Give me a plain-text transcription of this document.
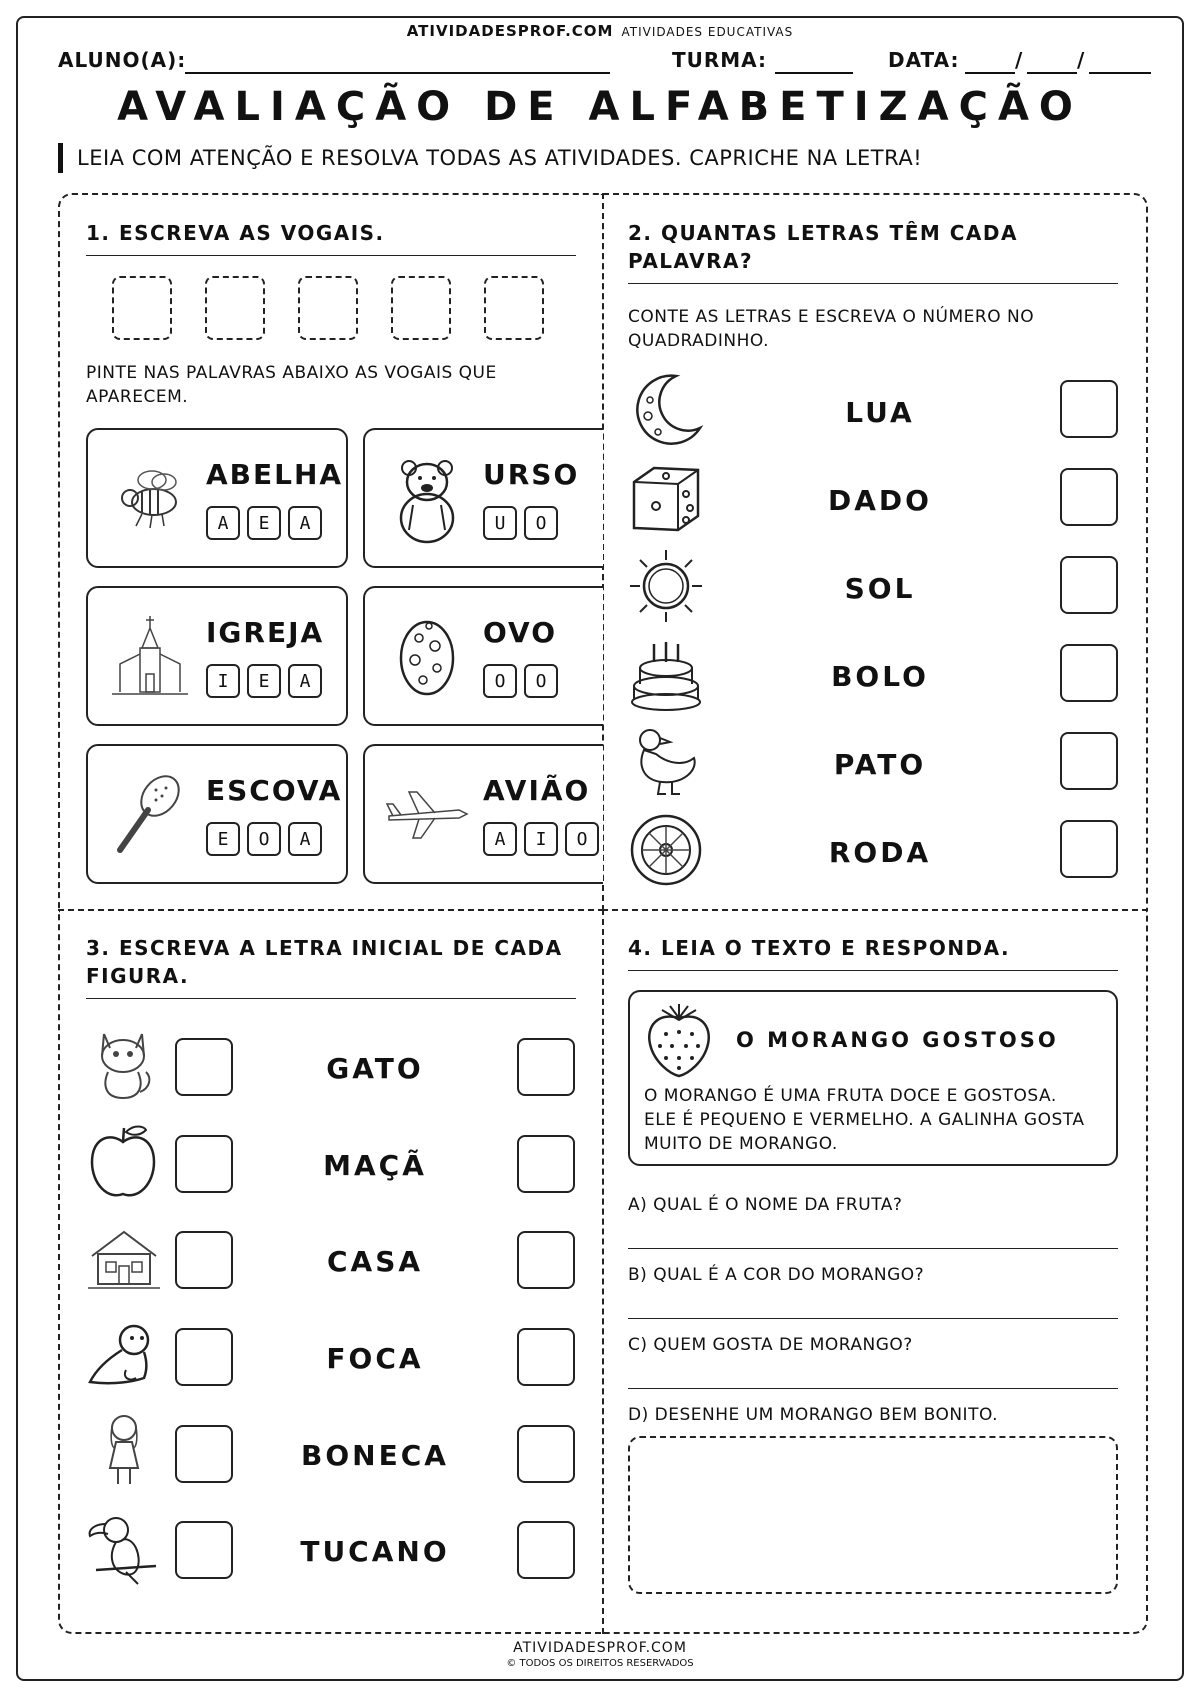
ATIVIDADESPROF.COM ATIVIDADES EDUCATIVAS
ALUNO(A):	TURMA:	DATA:	/	/
AVALIAÇÃO DE ALFABETIZAÇÃO
LEIA COM ATENÇÃO E RESOLVA TODAS AS ATIVIDADES. CAPRICHE NA LETRA!
1. ESCREVA AS VOGAIS.
PINTE NAS PALAVRAS ABAIXO AS VOGAIS QUE APARECEM.
ABELHA
A	E	A
URSO
U	O
IGREJA
I	E	A
OVO
O	O
ESCOVA
E	O	A
AVIÃO
A	I	O
2. QUANTAS LETRAS TÊM CADA
PALAVRA?
CONTE AS LETRAS E ESCREVA O NÚMERO NO
QUADRADINHO.
LUA
DADO
SOL
BOLO
PATO
RODA
3. ESCREVA A LETRA INICIAL DE CADA
FIGURA.
GATO
MAÇÃ
CASA
FOCA
BONECA
TUCANO
4. LEIA O TEXTO E RESPONDA.
O MORANGO GOSTOSO
O MORANGO É UMA FRUTA DOCE E GOSTOSA.
ELE É PEQUENO E VERMELHO. A GALINHA GOSTA
MUITO DE MORANGO.
A) QUAL É O NOME DA FRUTA?
B) QUAL É A COR DO MORANGO?
C) QUEM GOSTA DE MORANGO?
D) DESENHE UM MORANGO BEM BONITO.
ATIVIDADESPROF.COM
© TODOS OS DIREITOS RESERVADOS
